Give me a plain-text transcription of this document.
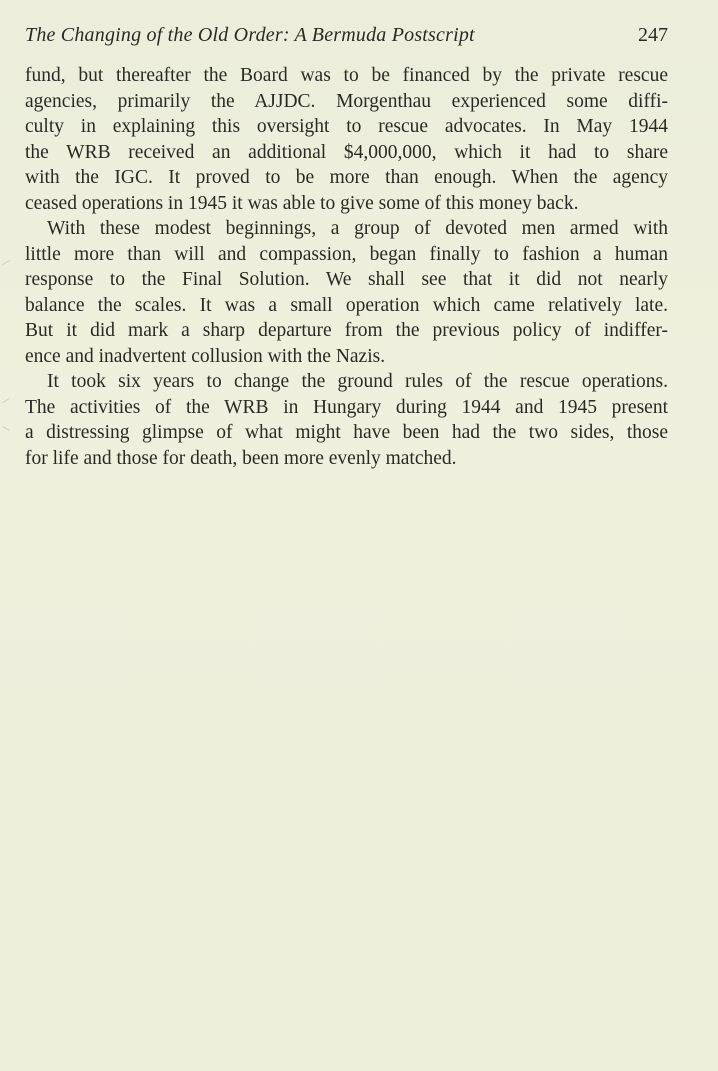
The Changing of the Old Order: A Bermuda Postscript	247
fund, but thereafter the Board was to be financed by the private rescue
agencies, primarily the AJJDC. Morgenthau experienced some diffi-
culty in explaining this oversight to rescue advocates. In May 1944
the WRB received an additional $4,000,000, which it had to share
with the IGC. It proved to be more than enough. When the agency
ceased operations in 1945 it was able to give some of this money back.
With these modest beginnings, a group of devoted men armed with
little more than will and compassion, began finally to fashion a human
response to the Final Solution. We shall see that it did not nearly
balance the scales. It was a small operation which came relatively late.
But it did mark a sharp departure from the previous policy of indiffer-
ence and inadvertent collusion with the Nazis.
It took six years to change the ground rules of the rescue operations.
The activities of the WRB in Hungary during 1944 and 1945 present
a distressing glimpse of what might have been had the two sides, those
for life and those for death, been more evenly matched.
